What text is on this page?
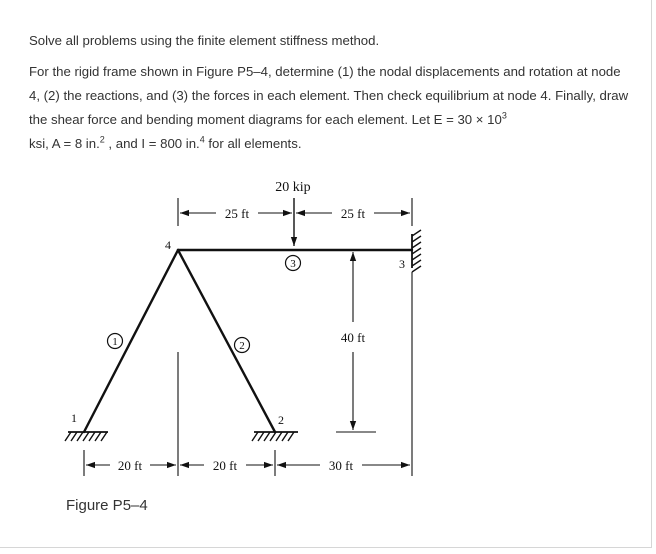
Solve all problems using the finite element stiffness method.

For the rigid frame shown in Figure P5–4, determine (1) the nodal displacements and rotation at node 4, (2) the reactions, and (3) the forces in each element. Then check equilibrium at node 4. Finally, draw the shear force and bending moment diagrams for each element. Let $E = 30 \times 10^3$
ksi, A = 8 in.$^2$ , and I = 800 in.$^4$ for all elements.

20 kip
25 ft	25 ft
40 ft
20 ft	20 ft	30 ft
1	2
3
4
1	2
3

Figure P5–4
